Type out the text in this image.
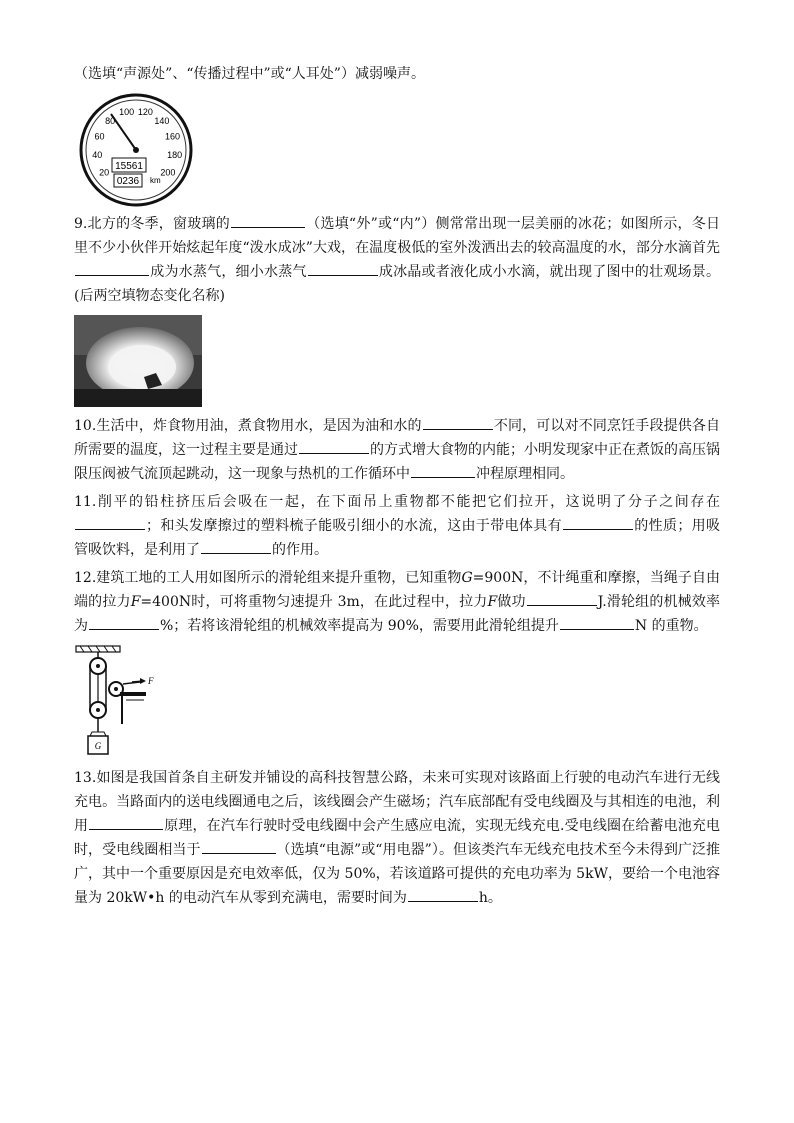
（选填“声源处”、“传播过程中”或“人耳处”）减弱噪声。

20
40
60
80
100 120
140
160
180
200
15561
0236 km

9.北方的冬季，窗玻璃的	（选填“外”或“内”）侧常常出现一层美丽的冰花；如图所示，冬日里不少小伙伴开始炫起年度“泼水成冰”大戏，在温度极低的室外泼洒出去的较高温度的水，部分水滴首先成为水蒸气，细小水蒸气	成冰晶或者液化成小水滴，就出现了图中的壮观场景。(后两空填物态变化名称)

10.生活中，炸食物用油，煮食物用水，是因为油和水的	不同，可以对不同烹饪手段提供各自所需要的温度，这一过程主要是通过	的方式增大食物的内能；小明发现家中正在煮饭的高压锅限压阀被气流顶起跳动，这一现象与热机的工作循环中	冲程原理相同。

11.削平的铅柱挤压后会吸在一起，在下面吊上重物都不能把它们拉开，这说明了分子之间存在；和头发摩擦过的塑料梳子能吸引细小的水流，这由于带电体具有	的性质；用吸管吸饮料，是利用了	的作用。

12.建筑工地的工人用如图所示的滑轮组来提升重物，已知重物G=900N，不计绳重和摩擦，当绳子自由端的拉力F=400N时，可将重物匀速提升 3m，在此过程中，拉力F做功	J.滑轮组的机械效率为	%；若将该滑轮组的机械效率提高为 90%，需要用此滑轮组提升	N 的重物。

F
G

13.如图是我国首条自主研发并铺设的高科技智慧公路，未来可实现对该路面上行驶的电动汽车进行无线充电。当路面内的送电线圈通电之后，该线圈会产生磁场；汽车底部配有受电线圈及与其相连的电池，利用	原理，在汽车行驶时受电线圈中会产生感应电流，实现无线充电.受电线圈在给蓄电池充电时，受电线圈相当于	（选填“电源”或“用电器”）。但该类汽车无线充电技术至今未得到广泛推广，其中一个重要原因是充电效率低，仅为 50%，若该道路可提供的充电功率为 5kW，要给一个电池容量为 20kW•h 的电动汽车从零到充满电，需要时间为	h。
